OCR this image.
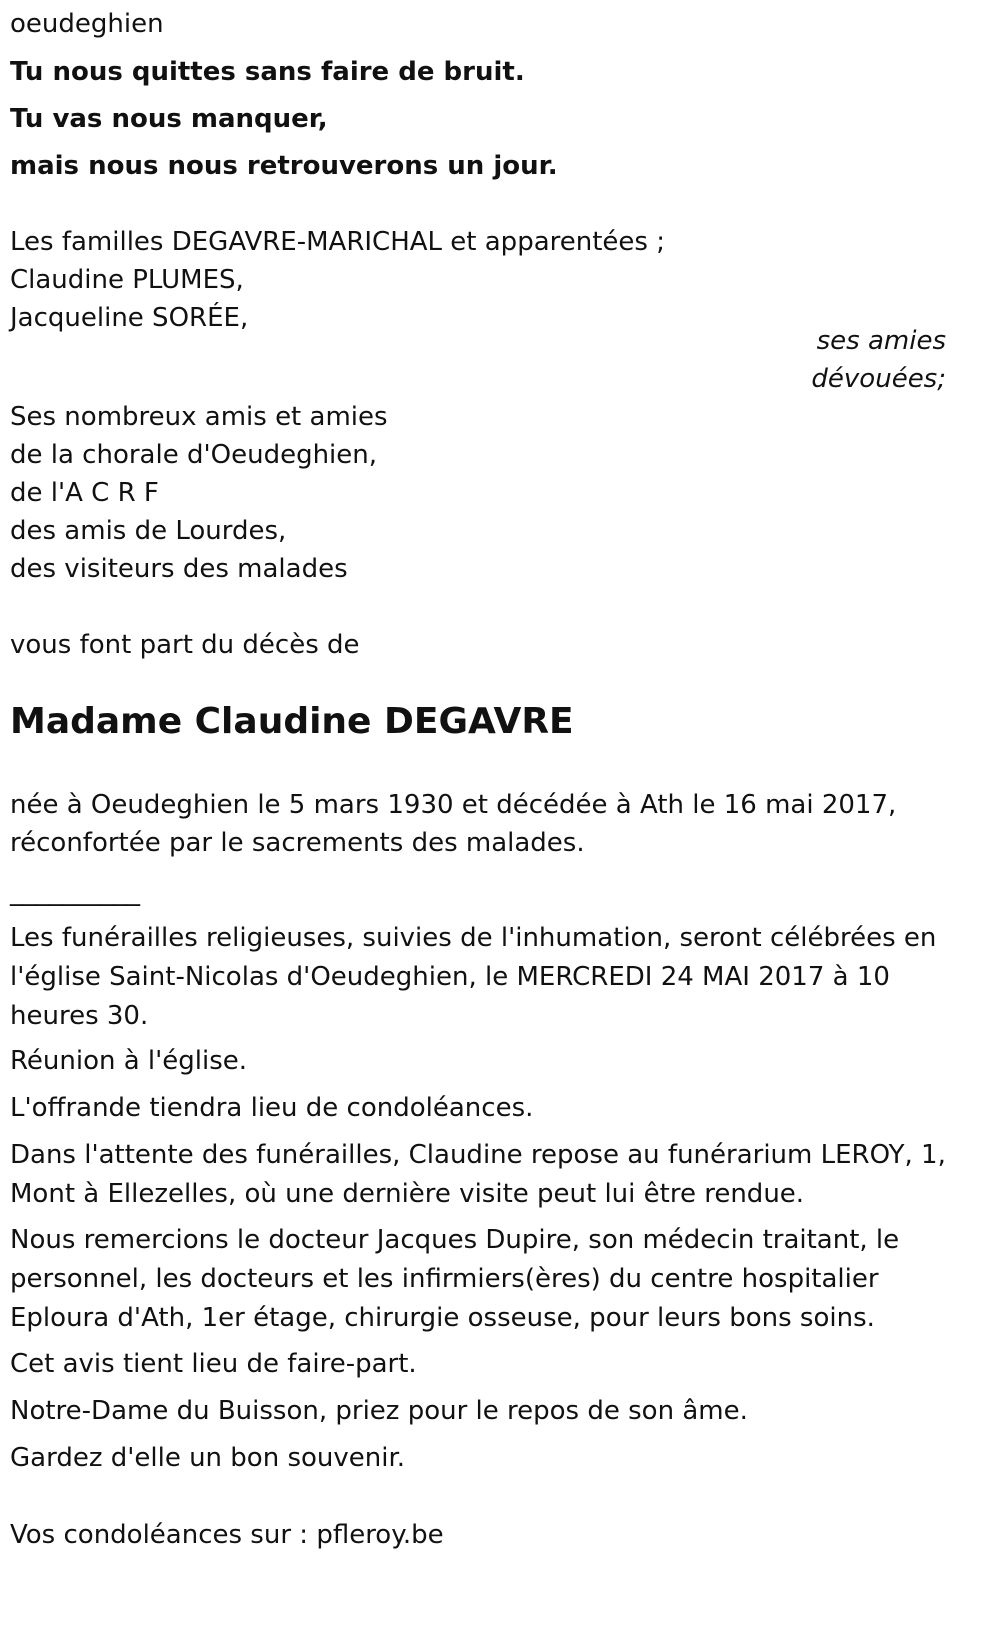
oeudeghien
Tu nous quittes sans faire de bruit.
Tu vas nous manquer,
mais nous nous retrouverons un jour.
Les familles DEGAVRE-MARICHAL et apparentées ;
Claudine PLUMES,
Jacqueline SORÉE,
ses amies
dévouées;
Ses nombreux amis et amies
de la chorale d'Oeudeghien,
de l'A C R F
des amis de Lourdes,
des visiteurs des malades
vous font part du décès de
Madame Claudine DEGAVRE
née à Oeudeghien le 5 mars 1930 et décédée à Ath le 16 mai 2017,
réconfortée par le sacrements des malades.
__________
Les funérailles religieuses, suivies de l'inhumation, seront célébrées en l'église Saint-Nicolas d'Oeudeghien, le MERCREDI 24 MAI 2017 à 10 heures 30.
Réunion à l'église.
L'offrande tiendra lieu de condoléances.
Dans l'attente des funérailles, Claudine repose au funérarium LEROY, 1, Mont à Ellezelles, où une dernière visite peut lui être rendue.
Nous remercions le docteur Jacques Dupire, son médecin traitant, le personnel, les docteurs et les infirmiers(ères) du centre hospitalier Eploura d'Ath, 1er étage, chirurgie osseuse, pour leurs bons soins.
Cet avis tient lieu de faire-part.
Notre-Dame du Buisson, priez pour le repos de son âme.
Gardez d'elle un bon souvenir.
Vos condoléances sur : pfleroy.be
